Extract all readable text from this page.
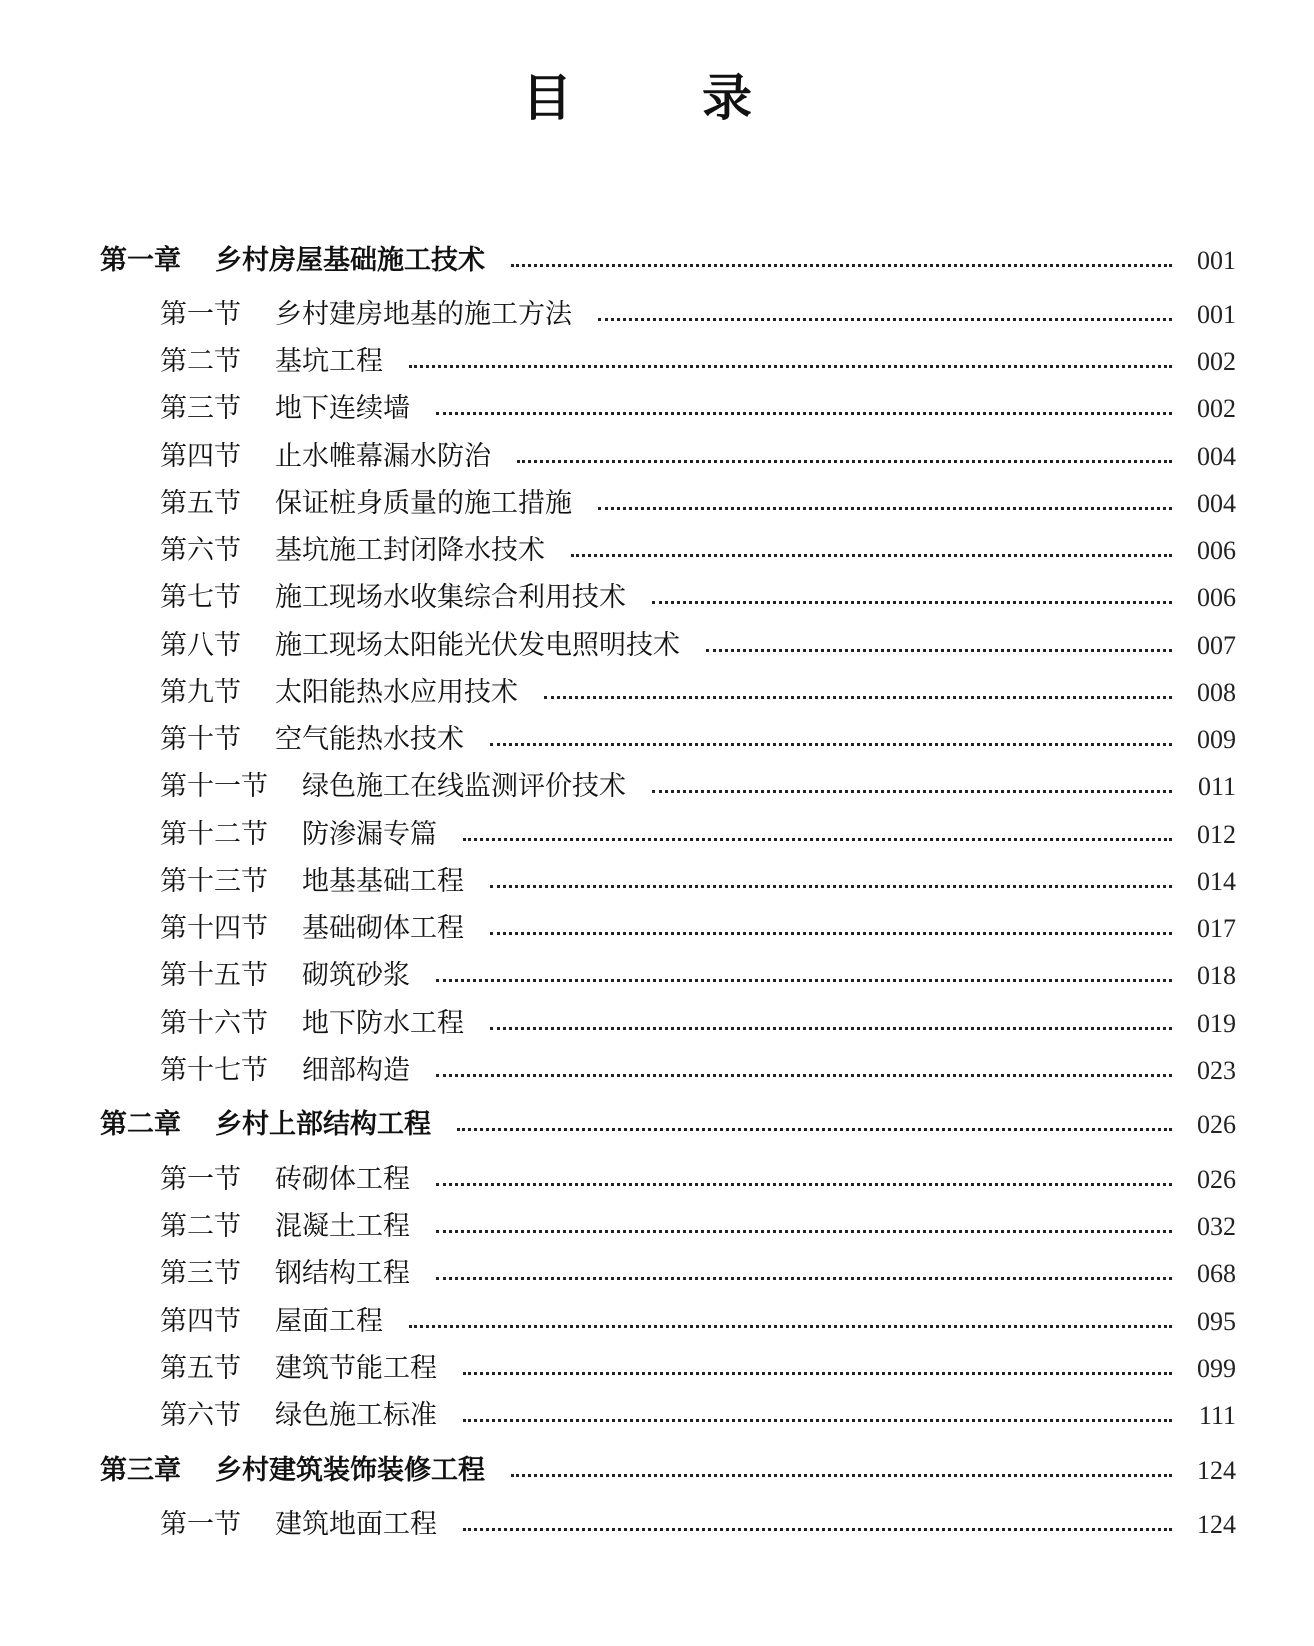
目　录
第一章 乡村房屋基础施工技术	001
第一节 乡村建房地基的施工方法	001
第二节 基坑工程	002
第三节 地下连续墙	002
第四节 止水帷幕漏水防治	004
第五节 保证桩身质量的施工措施	004
第六节 基坑施工封闭降水技术	006
第七节 施工现场水收集综合利用技术	006
第八节 施工现场太阳能光伏发电照明技术	007
第九节 太阳能热水应用技术	008
第十节 空气能热水技术	009
第十一节 绿色施工在线监测评价技术	011
第十二节 防渗漏专篇	012
第十三节 地基基础工程	014
第十四节 基础砌体工程	017
第十五节 砌筑砂浆	018
第十六节 地下防水工程	019
第十七节 细部构造	023
第二章 乡村上部结构工程	026
第一节 砖砌体工程	026
第二节 混凝土工程	032
第三节 钢结构工程	068
第四节 屋面工程	095
第五节 建筑节能工程	099
第六节 绿色施工标准	111
第三章 乡村建筑装饰装修工程	124
第一节 建筑地面工程	124
